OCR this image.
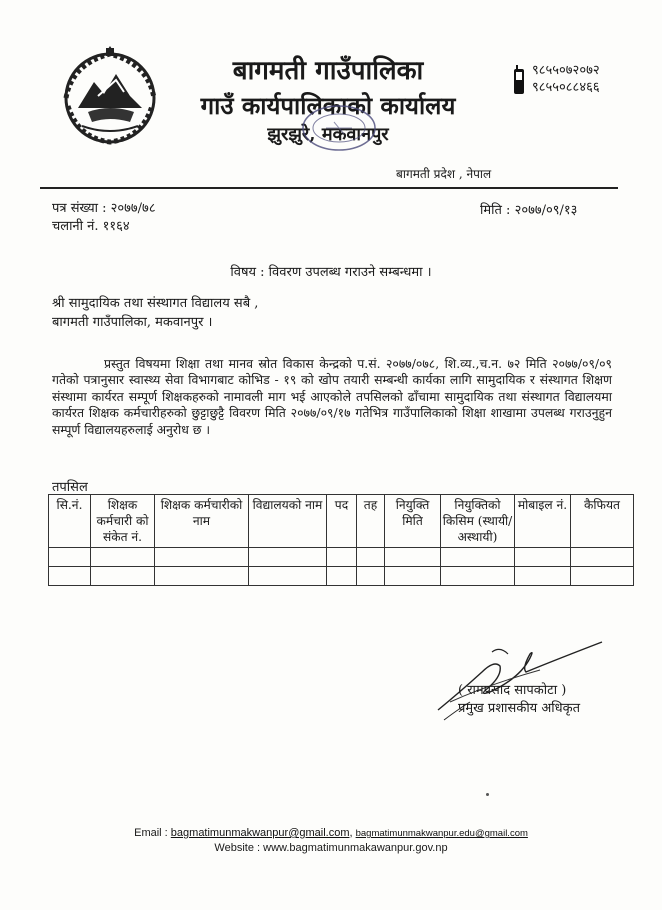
बागमती गाउँपालिका
गाउँ कार्यपालिकाको कार्यालय
झुरझुरे, मकवानपुर
९८५५०७२०७२
९८५५०८८४६६
बागमती प्रदेश , नेपाल
पत्र संख्या : २०७७/७८
चलानी नं. ११६४
मिति : २०७७/०९/१३
विषय : विवरण उपलब्ध गराउने सम्बन्धमा ।
श्री सामुदायिक तथा संस्थागत विद्यालय सबै ,
बागमती गाउँपालिका, मकवानपुर ।

प्रस्तुत विषयमा शिक्षा तथा मानव स्रोत विकास केन्द्रको प.सं. २०७७/०७८, शि.व्य.,च.न. ७२ मिति २०७७/०९/०९ गतेको पत्रानुसार स्वास्थ्य सेवा विभागबाट कोभिड - १९ को खोप तयारी सम्बन्धी कार्यका लागि सामुदायिक र संस्थागत शिक्षण संस्थामा कार्यरत सम्पूर्ण शिक्षकहरुको नामावली माग भई आएकोले तपसिलको ढाँचामा सामुदायिक तथा संस्थागत विद्यालयमा कार्यरत शिक्षक कर्मचारीहरुको छुट्टाछुट्टै विवरण मिति २०७७/०९/१७ गतेभित्र गाउँपालिकाको शिक्षा शाखामा उपलब्ध गराउनुहुन सम्पूर्ण विद्यालयहरुलाई अनुरोध छ ।

तपसिल
सि.नं.	शिक्षक कर्मचारी को संकेत नं.	शिक्षक कर्मचारीको नाम	विद्यालयको नाम	पद	तह	नियुक्ति मिति	नियुक्तिको किसिम (स्थायी/ अस्थायी)	मोबाइल नं.	कैफियत

( रामप्रसाद सापकोटा )
प्रमुख प्रशासकीय अधिकृत
Email : bagmatimunmakwanpur@gmail.com, bagmatimunmakwanpur.edu@gmail.com
Website : www.bagmatimunmakawanpur.gov.np
